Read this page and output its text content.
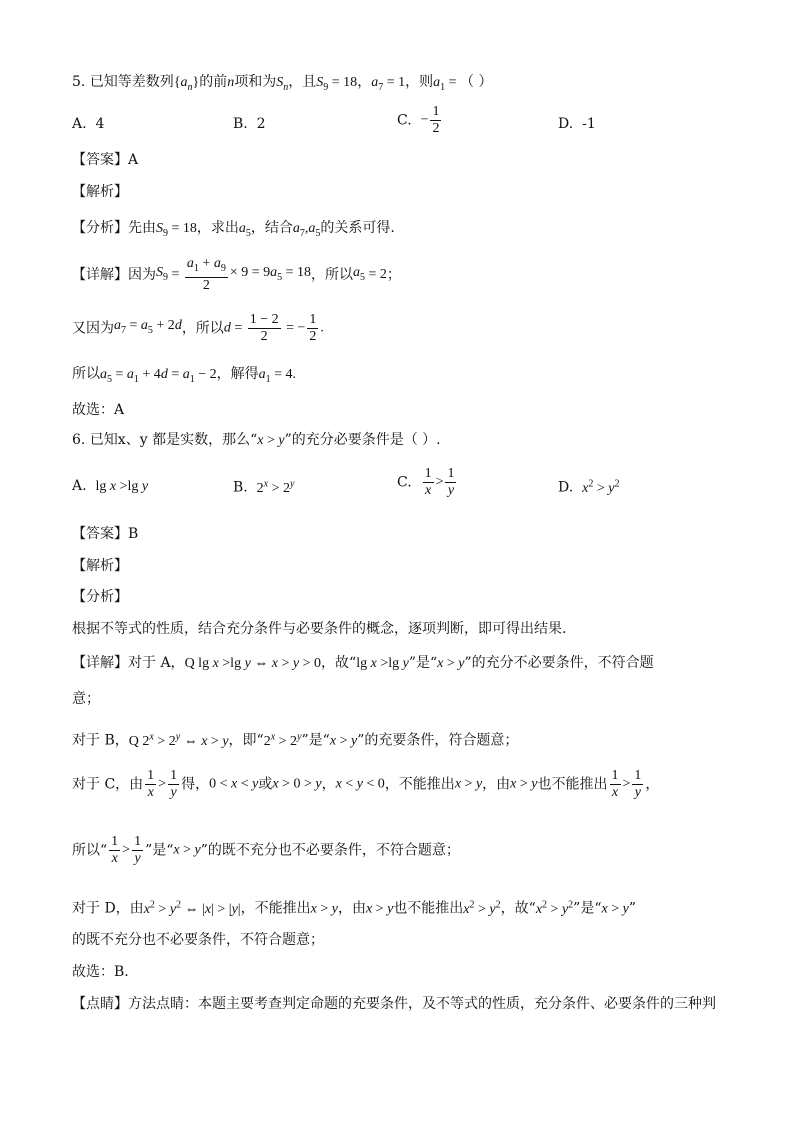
5. 已知等差数列$\{a_n\}$的前n项和为$S_n$，且$S_9 = 18$，$a_7 = 1$，则$a_1$ = （ ）
A. 4	B. 2	C. − $\frac{1}{2}$	D. -1
【答案】A
【解析】
【分析】先由$S_9 = 18$，求出$a_5$，结合$a_7,a_5$的关系可得.
【详解】因为$S_9 = \frac{a_1 + a_9}{2} \times 9 = 9a_5 = 18$，所以$a_5 = 2$；
又因为$a_7 = a_5 + 2d$，所以$d = \frac{1 - 2}{2}$ = − $\frac{1}{2}$ .
所以$a_5 = a_1 + 4d = a_1 - 2$，解得$a_1 = 4$.
故选：A
6. 已知x、y 都是实数，那么“x > y”的充分必要条件是（ ）.
A. lg x >lg y	B. $2^x > 2^y$	C. $\frac{1}{x} > \frac{1}{y}$	D. $x^2 > y^2$
【答案】B
【解析】
【分析】
根据不等式的性质，结合充分条件与必要条件的概念，逐项判断，即可得出结果.
【详解】对于 A，Q lg x >lg y ⇔ x > y > 0，故“lg x >lg y”是“x > y”的充分不必要条件，不符合题
意；
对于 B，Q $2^x > 2^y$ ⇔ x > y，即“$2^x > 2^y$”是“x > y”的充要条件，符合题意；
对于 C，由 $\frac{1}{x} > \frac{1}{y}$ 得，0 < x < y或x > 0 > y，x < y < 0，不能推出x > y，由x > y也不能推出 $\frac{1}{x} > \frac{1}{y}$ ，
所以“ $\frac{1}{x} > \frac{1}{y}$ ”是“x > y”的既不充分也不必要条件，不符合题意；
对于 D，由$x^2 > y^2$ ⇔ |x| > |y|，不能推出x > y，由x > y也不能推出$x^2 > y^2$，故“$x^2 > y^2$”是“x > y”
的既不充分也不必要条件，不符合题意；
故选：B.
【点睛】方法点睛：本题主要考查判定命题的充要条件，及不等式的性质，充分条件、必要条件的三种判
